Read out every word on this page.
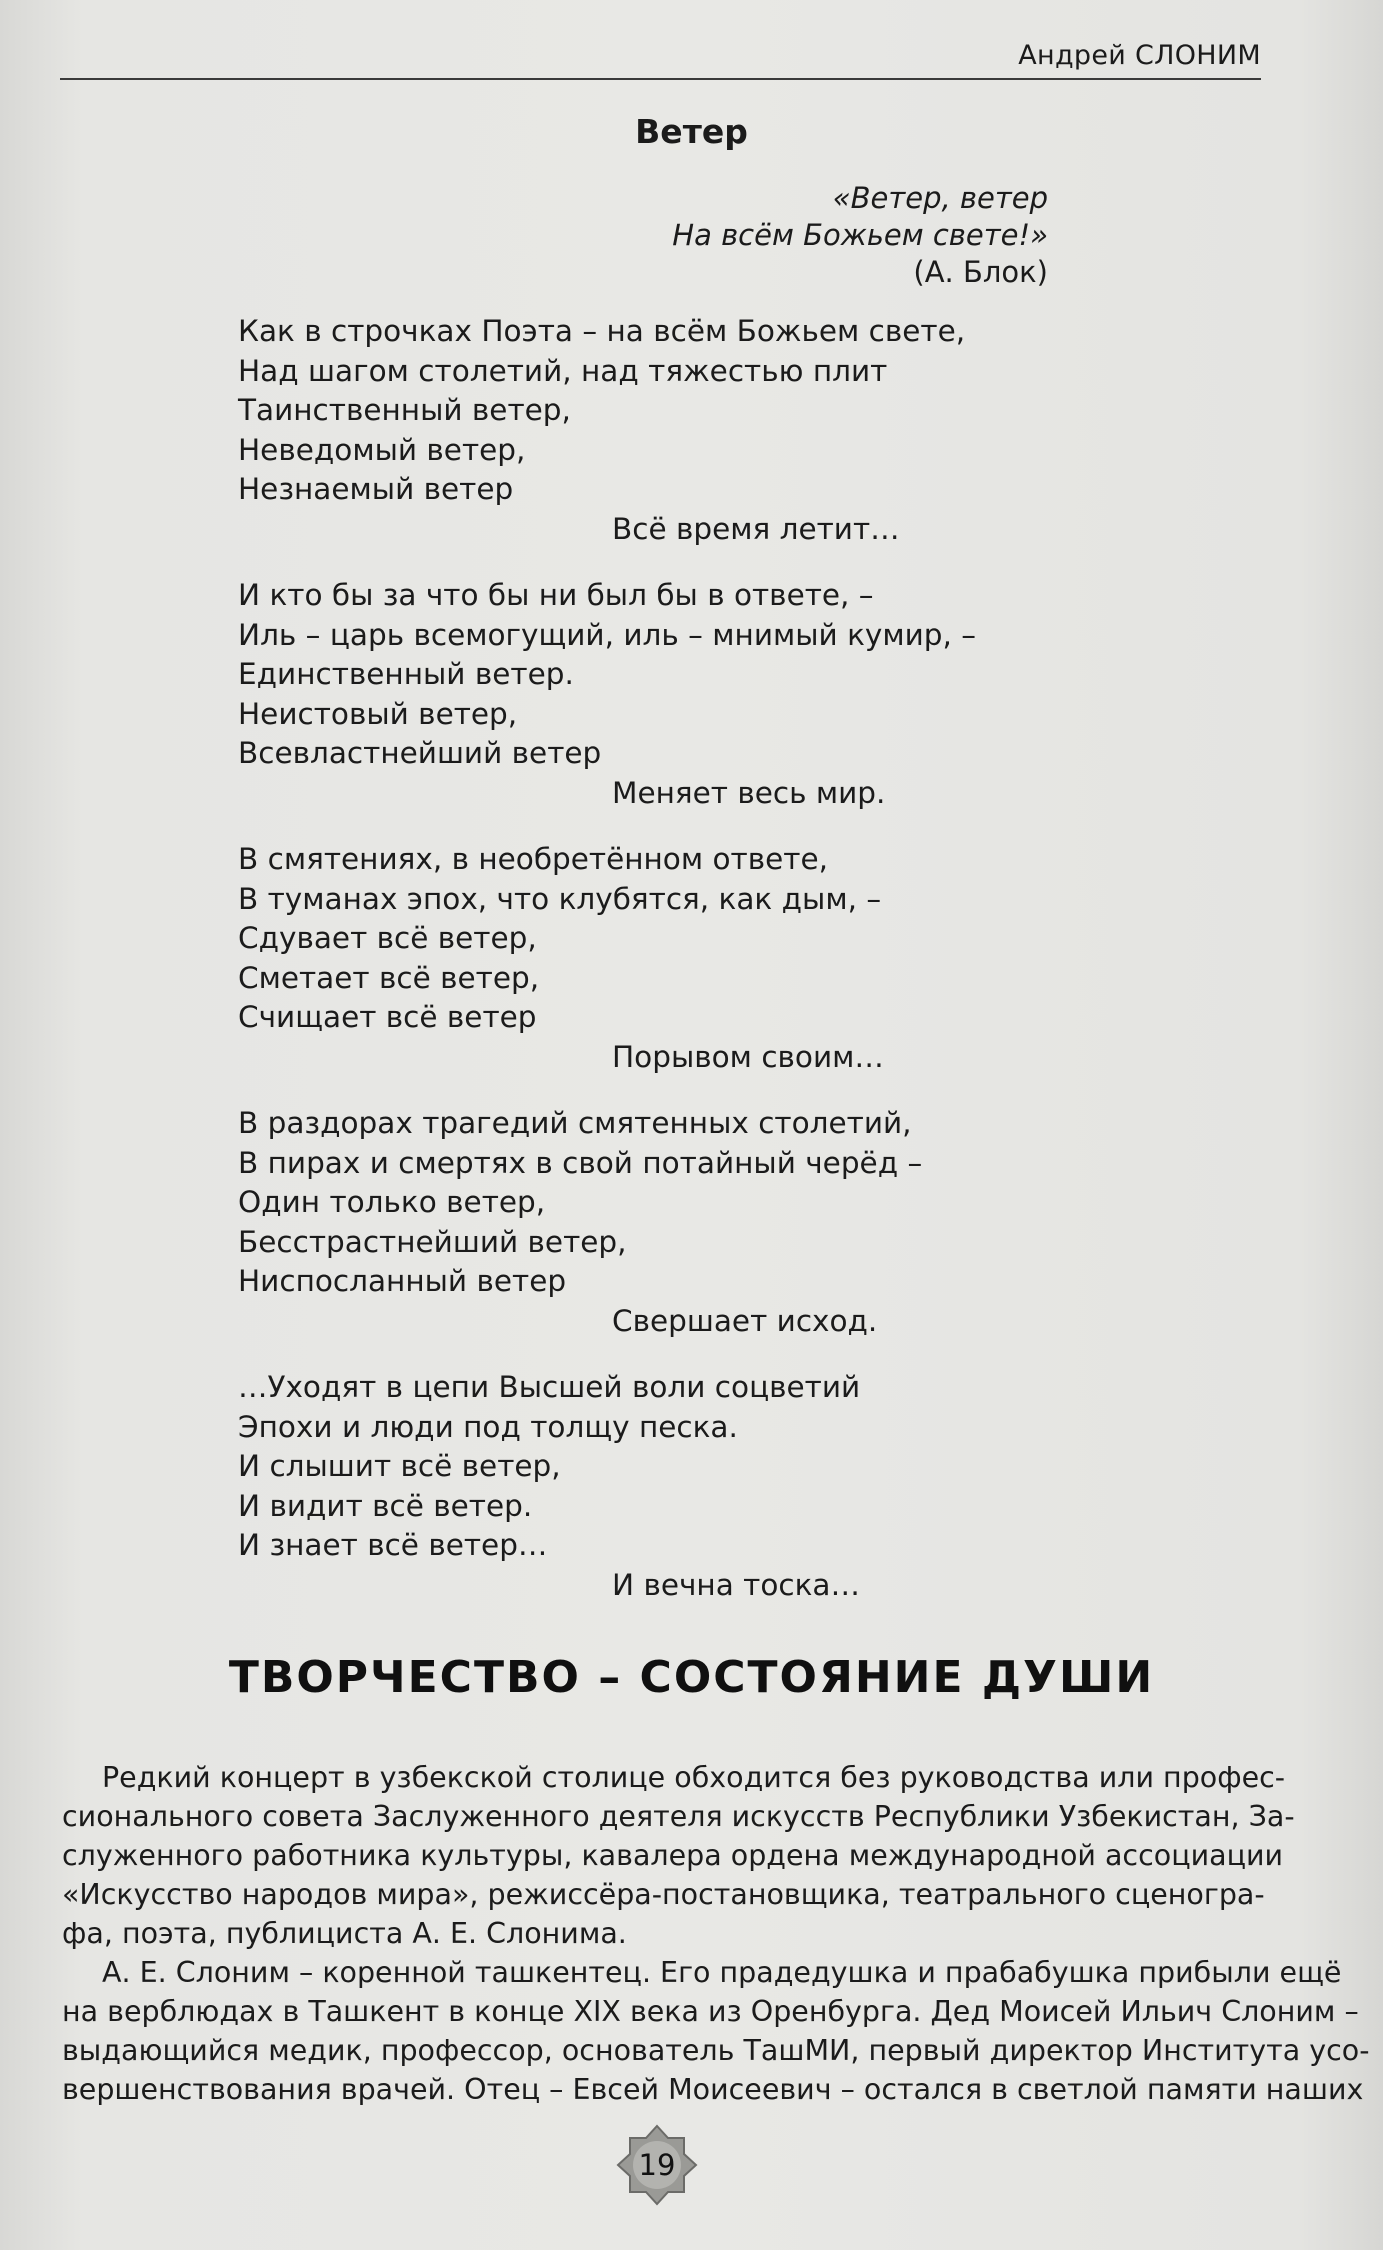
Андрей СЛОНИМ
Ветер
«Ветер, ветер
На всём Божьем свете!»
(А. Блок)
Как в строчках Поэта – на всём Божьем свете,
Над шагом столетий, над тяжестью плит
Таинственный ветер,
Неведомый ветер,
Незнаемый ветер
Всё время летит…
И кто бы за что бы ни был бы в ответе, –
Иль – царь всемогущий, иль – мнимый кумир, –
Единственный ветер.
Неистовый ветер,
Всевластнейший ветер
Меняет весь мир.
В смятениях, в необретённом ответе,
В туманах эпох, что клубятся, как дым, –
Сдувает всё ветер,
Сметает всё ветер,
Счищает всё ветер
Порывом своим…
В раздорах трагедий смятенных столетий,
В пирах и смертях в свой потайный черёд –
Один только ветер,
Бесстрастнейший ветер,
Ниспосланный ветер
Свершает исход.
…Уходят в цепи Высшей воли соцветий
Эпохи и люди под толщу песка.
И слышит всё ветер,
И видит всё ветер.
И знает всё ветер…
И вечна тоска…
ТВОРЧЕСТВО – СОСТОЯНИЕ ДУШИ

Редкий концерт в узбекской столице обходится без руководства или профес-
сионального совета Заслуженного деятеля искусств Республики Узбекистан, За-
служенного работника культуры, кавалера ордена международной ассоциации
«Искусство народов мира», режиссёра-постановщика, театрального сценогра-
фа, поэта, публициста А. Е. Слонима.

А. Е. Слоним – коренной ташкентец. Его прадедушка и прабабушка прибыли ещё
на верблюдах в Ташкент в конце XIX века из Оренбурга. Дед Моисей Ильич Слоним –
выдающийся медик, профессор, основатель ТашМИ, первый директор Института усо-
вершенствования врачей. Отец – Евсей Моисеевич – остался в светлой памяти наших

19
